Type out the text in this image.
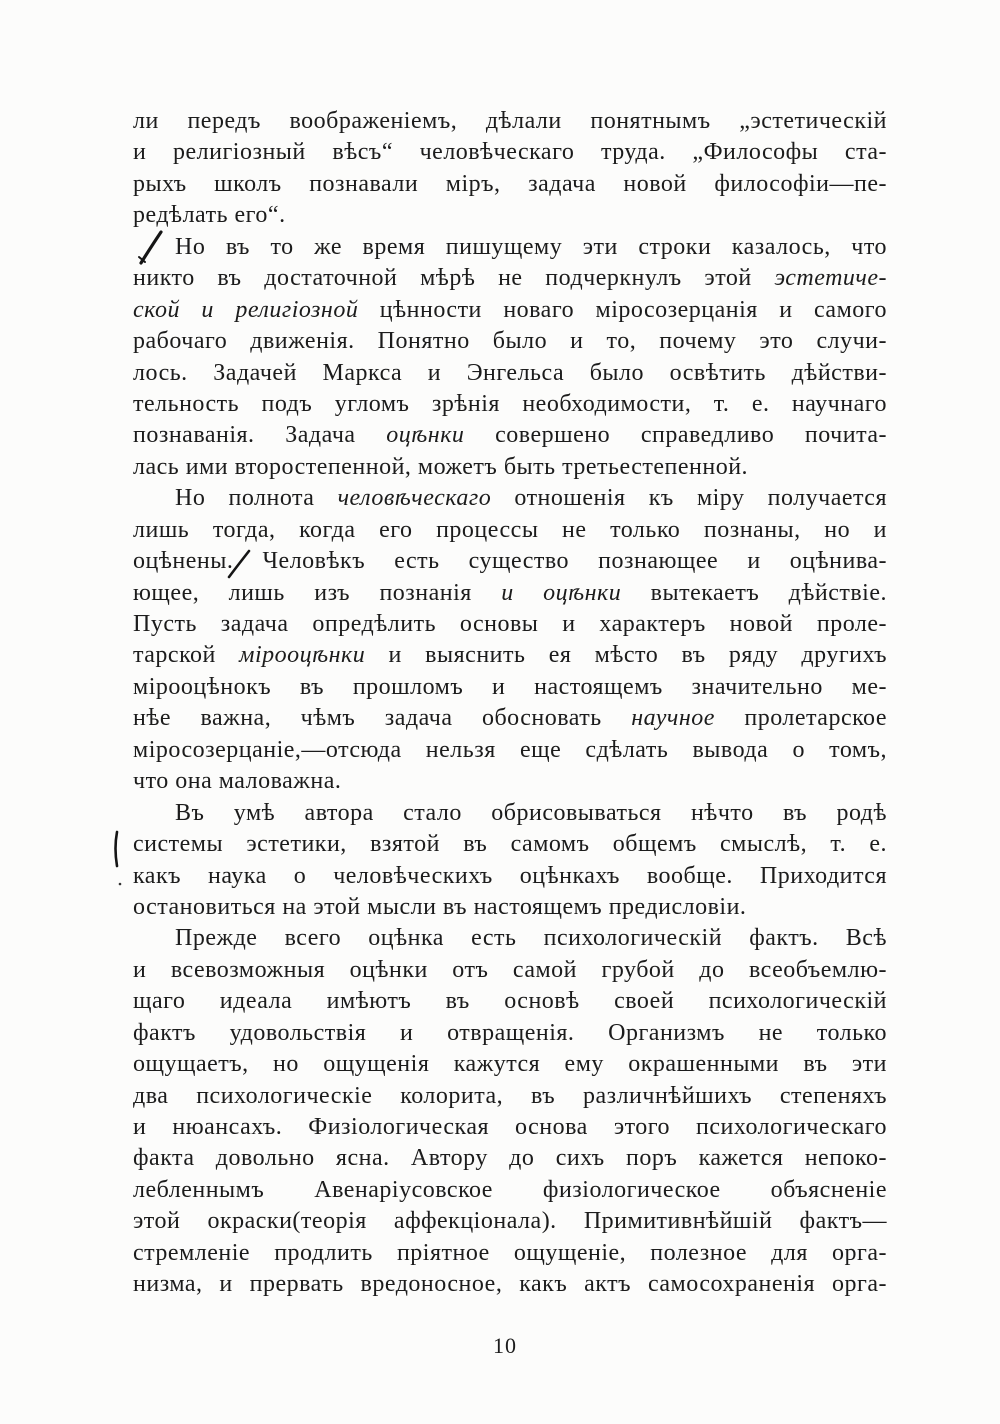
ли передъ воображеніемъ, дѣлали понятнымъ „эстетическій
и религіозный вѣсъ“ человѣческаго труда. „Философы ста-
рыхъ школъ познавали міръ, задача новой философіи—пе-
редѣлать его“.
Но въ то же время пишущему эти строки казалось, что
никто въ достаточной мѣрѣ не подчеркнулъ этой эстетиче-
ской и религіозной цѣнности новаго міросозерцанія и самого
рабочаго движенія. Понятно было и то, почему это случи-
лось. Задачей Маркса и Энгельса было освѣтить дѣйстви-
тельность подъ угломъ зрѣнія необходимости, т. е. научнаго
познаванія. Задача оцѣнки совершено справедливо почита-
лась ими второстепенной, можетъ быть третьестепенной.
Но полнота человѣческаго отношенія къ міру получается
лишь тогда, когда его процессы не только познаны, но и
оцѣнены. Человѣкъ есть существо познающее и оцѣнива-
ющее, лишь изъ познанія и оцѣнки вытекаетъ дѣйствіе.
Пусть задача опредѣлить основы и характеръ новой проле-
тарской мірооцѣнки и выяснить ея мѣсто въ ряду другихъ
мірооцѣнокъ въ прошломъ и настоящемъ значительно ме-
нѣе важна, чѣмъ задача обосновать научное пролетарское
міросозерцаніе,—отсюда нельзя еще сдѣлать вывода о томъ,
что она маловажна.
Въ умѣ автора стало обрисовываться нѣчто въ родѣ
системы эстетики, взятой въ самомъ общемъ смыслѣ, т. е.
какъ наука о человѣческихъ оцѣнкахъ вообще. Приходится
остановиться на этой мысли въ настоящемъ предисловіи.
Прежде всего оцѣнка есть психологическій фактъ. Всѣ
и всевозможныя оцѣнки отъ самой грубой до всеобъемлю-
щаго идеала имѣютъ въ основѣ своей психологическій
фактъ удовольствія и отвращенія. Организмъ не только
ощущаетъ, но ощущенія кажутся ему окрашенными въ эти
два психологическіе колорита, въ различнѣйшихъ степеняхъ
и нюансахъ. Физіологическая основа этого психологическаго
факта довольно ясна. Автору до сихъ поръ кажется непоко-
лебленнымъ Авенаріусовское физіологическое объясненіе
этой окраски(теорія аффекціонала). Примитивнѣйшій фактъ—
стремленіе продлить пріятное ощущеніе, полезное для орга-
низма, и прервать вредоносное, какъ актъ самосохраненія орга-
10
